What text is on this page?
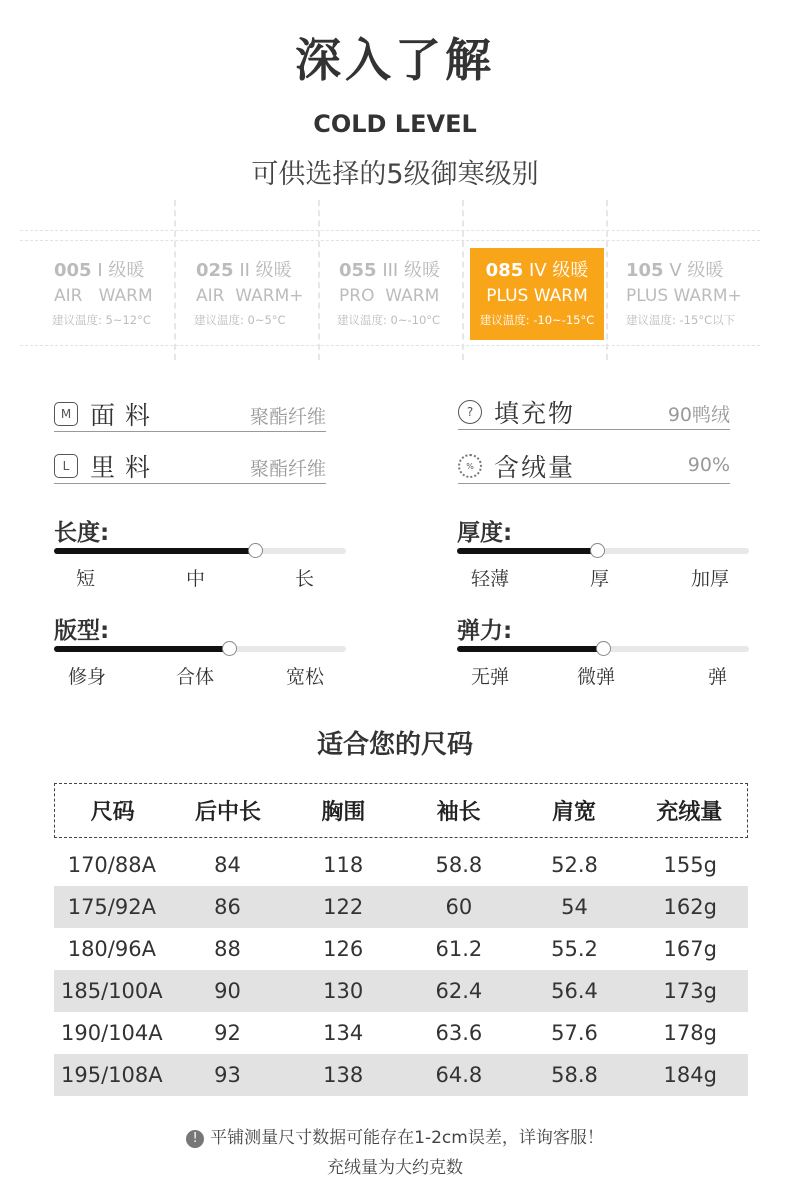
深入了解
COLD LEVEL
可供选择的5级御寒级别
005 I 级暖
AIR   WARM
建议温度: 5~12°C
025 II 级暖
AIR  WARM+
建议温度: 0~5°C
055 III 级暖
PRO  WARM
建议温度: 0~-10°C
085 IV 级暖
PLUS WARM
建议温度: -10~-15°C
105 V 级暖
PLUS WARM+
建议温度: -15°C以下
M 面料	聚酯纤维
L 里料	聚酯纤维
? 填充物	90鸭绒
% 含绒量	90%
长度:
短	中	长
厚度:
轻薄	厚	加厚
版型:
修身	合体	宽松
弹力:
无弹	微弹	弹
适合您的尺码
尺码	后中长	胸围	袖长	肩宽	充绒量
170/88A	84	118	58.8	52.8	155g
175/92A	86	122	60	54	162g
180/96A	88	126	61.2	55.2	167g
185/100A	90	130	62.4	56.4	173g
190/104A	92	134	63.6	57.6	178g
195/108A	93	138	64.8	58.8	184g
! 平铺测量尺寸数据可能存在1-2cm误差，详询客服！
充绒量为大约克数
